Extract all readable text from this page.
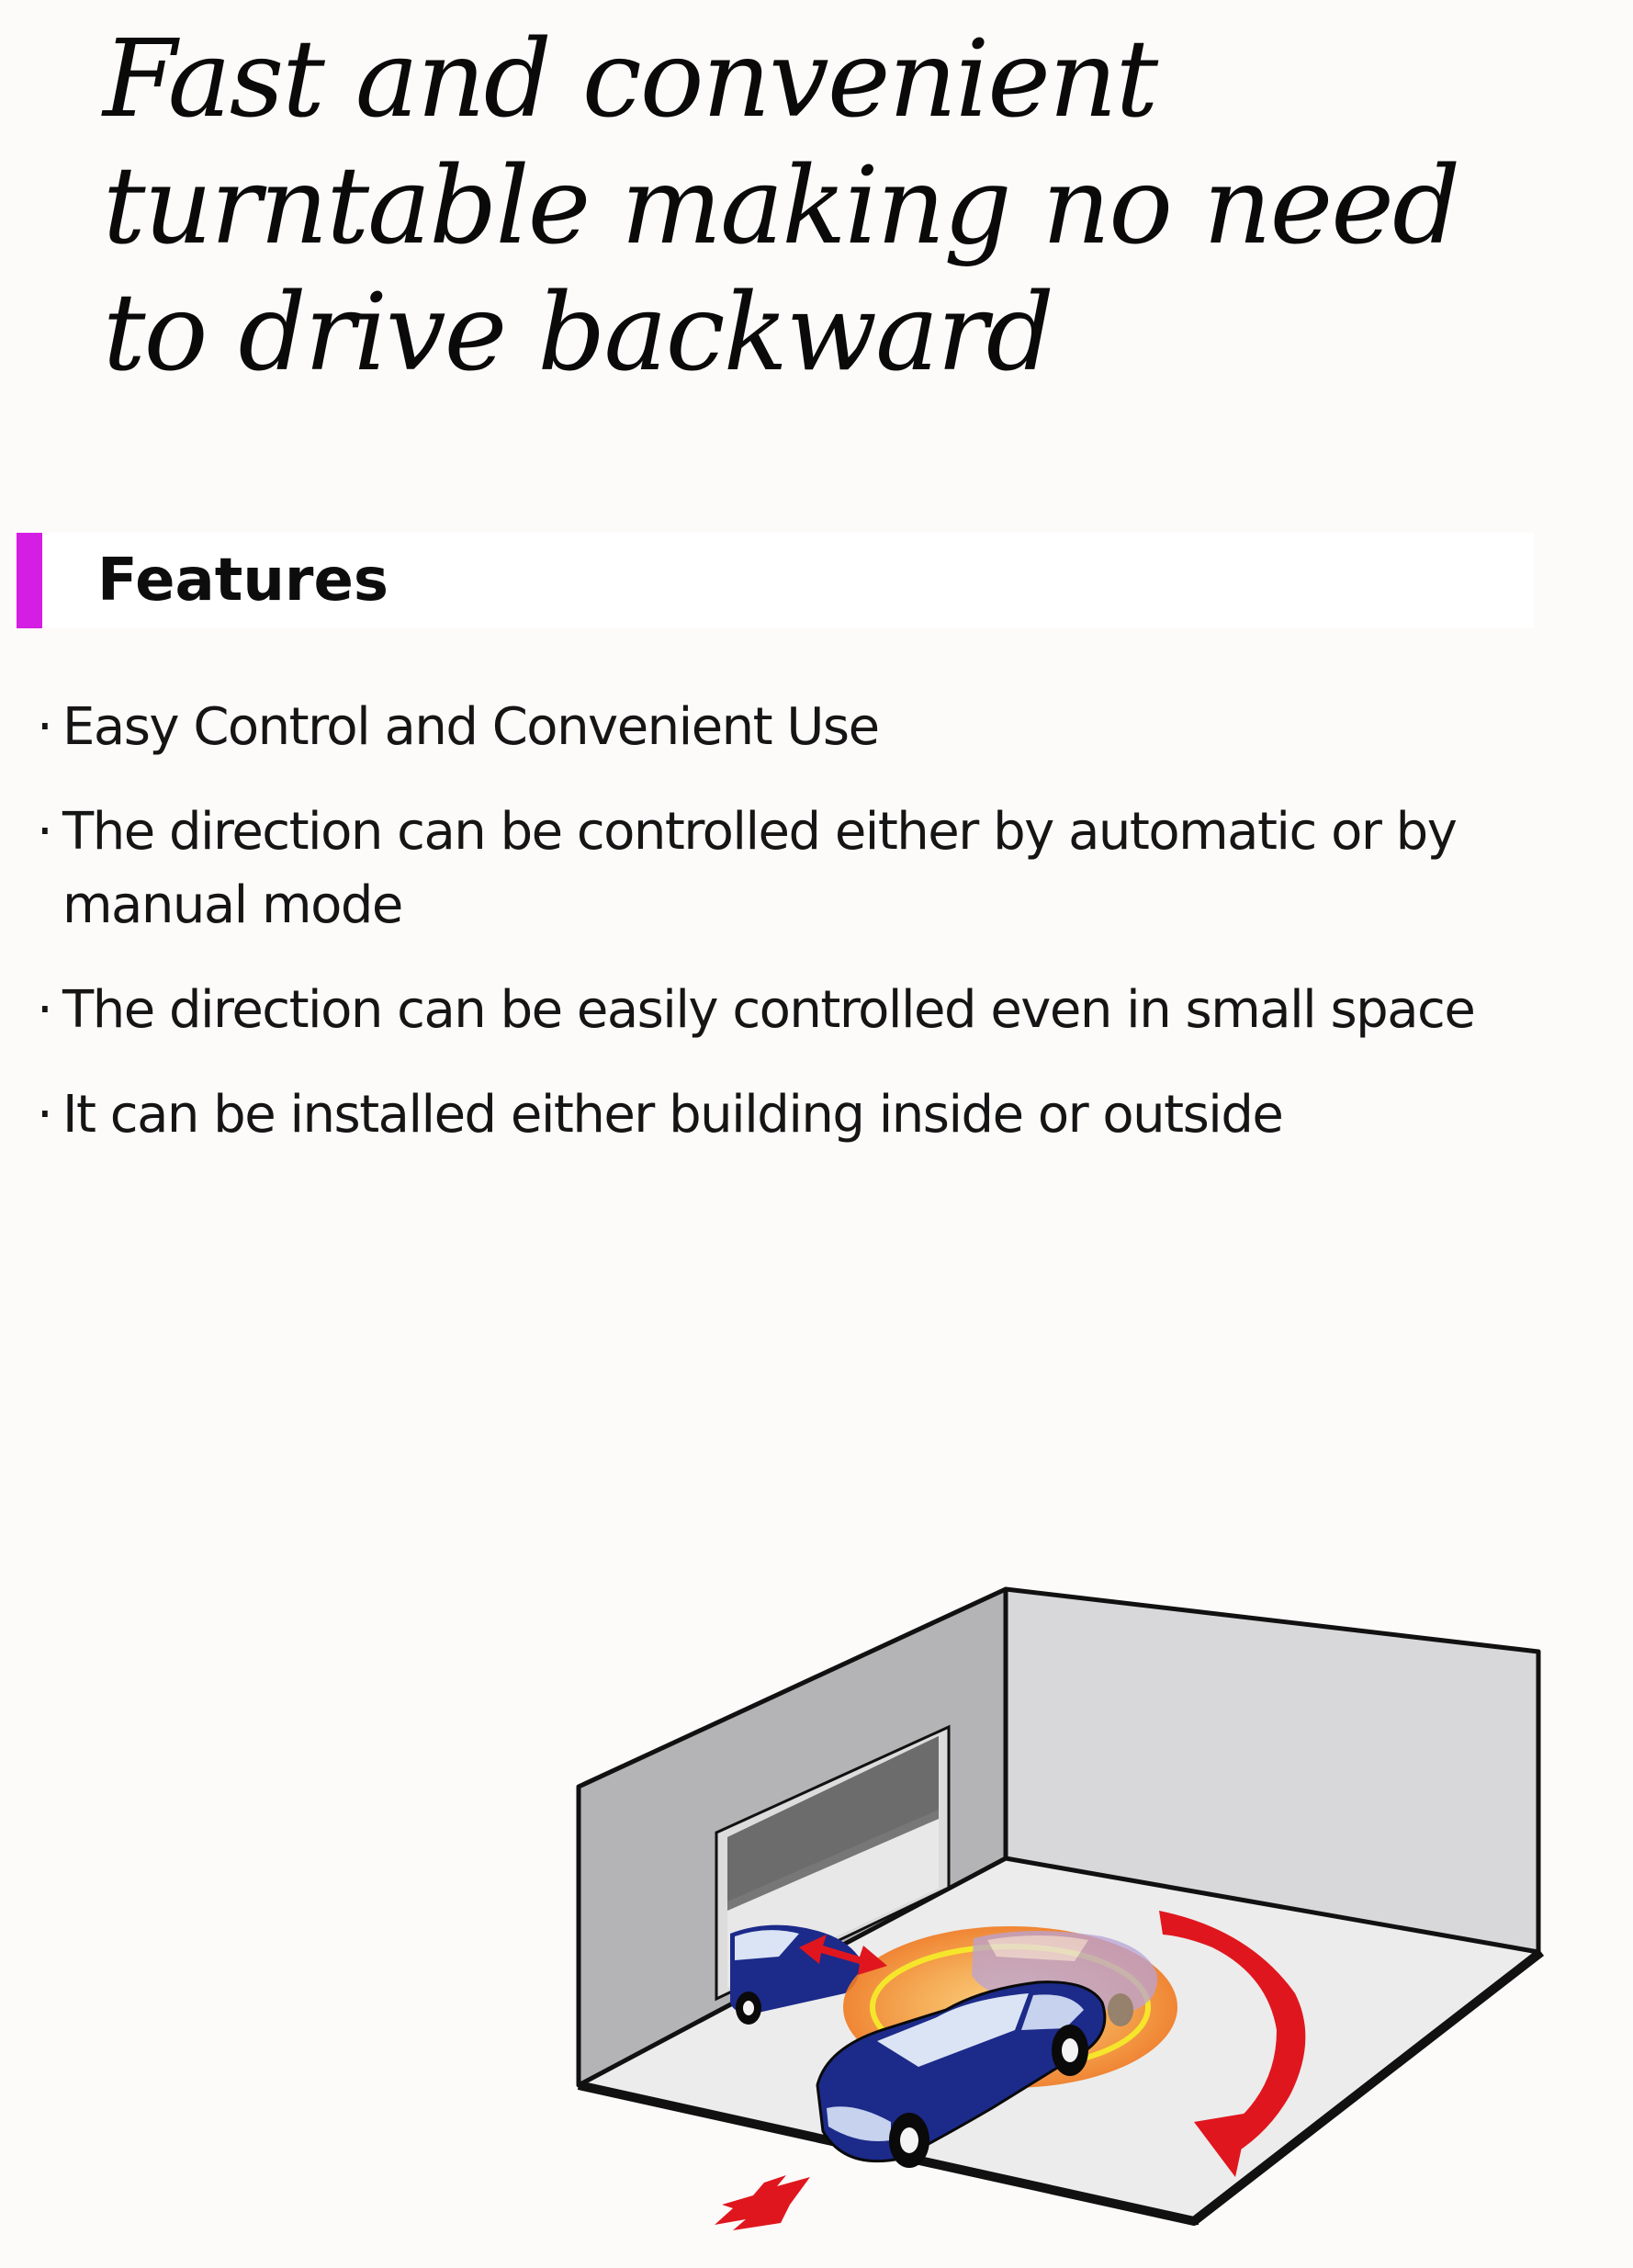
Fast and convenient turntable making no need to drive backward
Features
· Easy Control and Convenient Use
· The direction can be controlled either by automatic or by manual mode
· The direction can be easily controlled even in small space
· It can be installed either building inside or outside
